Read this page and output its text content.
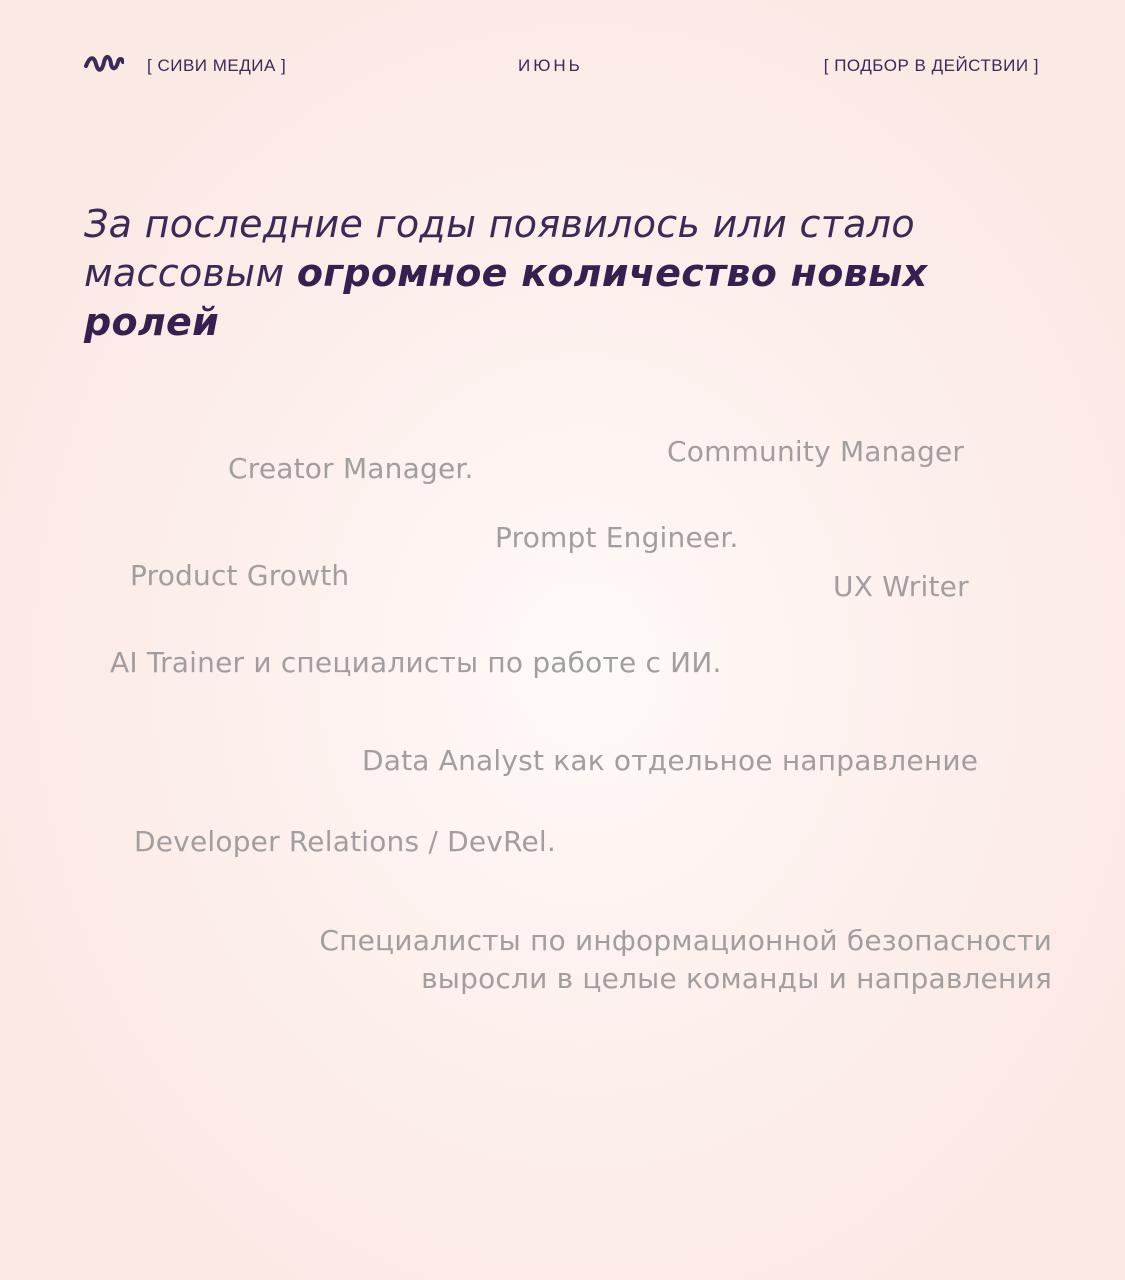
[ СИВИ МЕДИА ]	ИЮНЬ	[ ПОДБОР В ДЕЙСТВИИ ]
За последние годы появилось или стало массовым огромное количество новых ролей
Creator Manager.
Community Manager
Prompt Engineer.
Product Growth	UX Writer
AI Trainer и специалисты по работе с ИИ.
Data Analyst как отдельное направление
Developer Relations / DevRel.
Специалисты по информационной безопасности выросли в целые команды и направления
